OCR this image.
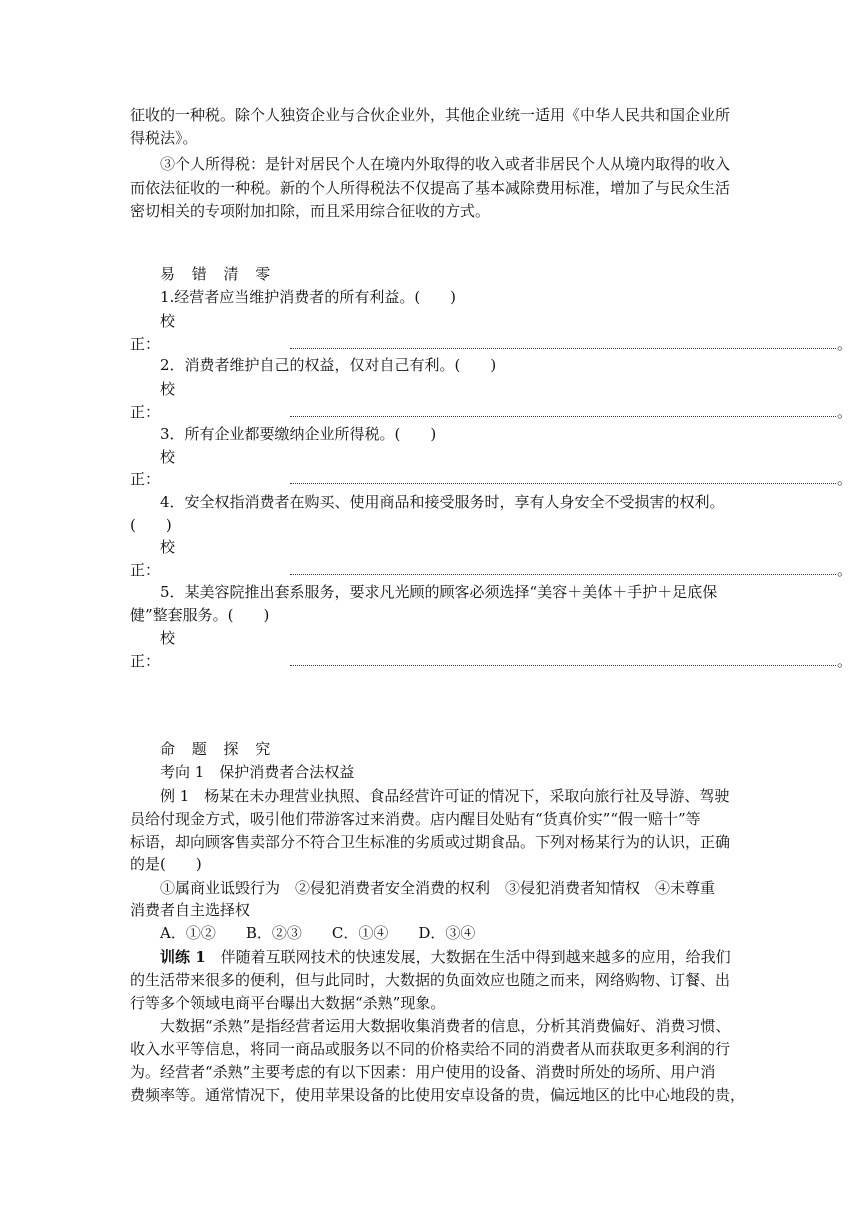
征收的一种税。除个人独资企业与合伙企业外，其他企业统一适用《中华人民共和国企业所
得税法》。
③个人所得税：是针对居民个人在境内外取得的收入或者非居民个人从境内取得的收入
而依法征收的一种税。新的个人所得税法不仅提高了基本减除费用标准，增加了与民众生活
密切相关的专项附加扣除，而且采用综合征收的方式。
易 错 清 零
1.经营者应当维护消费者的所有利益。(　　)
校
正：	。
2．消费者维护自己的权益，仅对自己有利。(　　)
校
正：	。
3．所有企业都要缴纳企业所得税。(　　)
校
正：	。
4．安全权指消费者在购买、使用商品和接受服务时，享有人身安全不受损害的权利。
(　　)
校
正：	。
5．某美容院推出套系服务，要求凡光顾的顾客必须选择“美容＋美体＋手护＋足底保
健”整套服务。(　　)
校
正：	。
命 题 探 究
考向 1　保护消费者合法权益
例 1　杨某在未办理营业执照、食品经营许可证的情况下，采取向旅行社及导游、驾驶
员给付现金方式，吸引他们带游客过来消费。店内醒目处贴有“货真价实”“假一赔十”等
标语，却向顾客售卖部分不符合卫生标准的劣质或过期食品。下列对杨某行为的认识，正确
的是(　　)
①属商业诋毁行为　②侵犯消费者安全消费的权利　③侵犯消费者知情权　④未尊重
消费者自主选择权
A．①②　　B．②③　　C．①④　　D．③④
训练 1　伴随着互联网技术的快速发展，大数据在生活中得到越来越多的应用，给我们
的生活带来很多的便利，但与此同时，大数据的负面效应也随之而来，网络购物、订餐、出
行等多个领域电商平台曝出大数据“杀熟”现象。
大数据“杀熟”是指经营者运用大数据收集消费者的信息，分析其消费偏好、消费习惯、
收入水平等信息，将同一商品或服务以不同的价格卖给不同的消费者从而获取更多利润的行
为。经营者“杀熟”主要考虑的有以下因素：用户使用的设备、消费时所处的场所、用户消
费频率等。通常情况下，使用苹果设备的比使用安卓设备的贵，偏远地区的比中心地段的贵，
